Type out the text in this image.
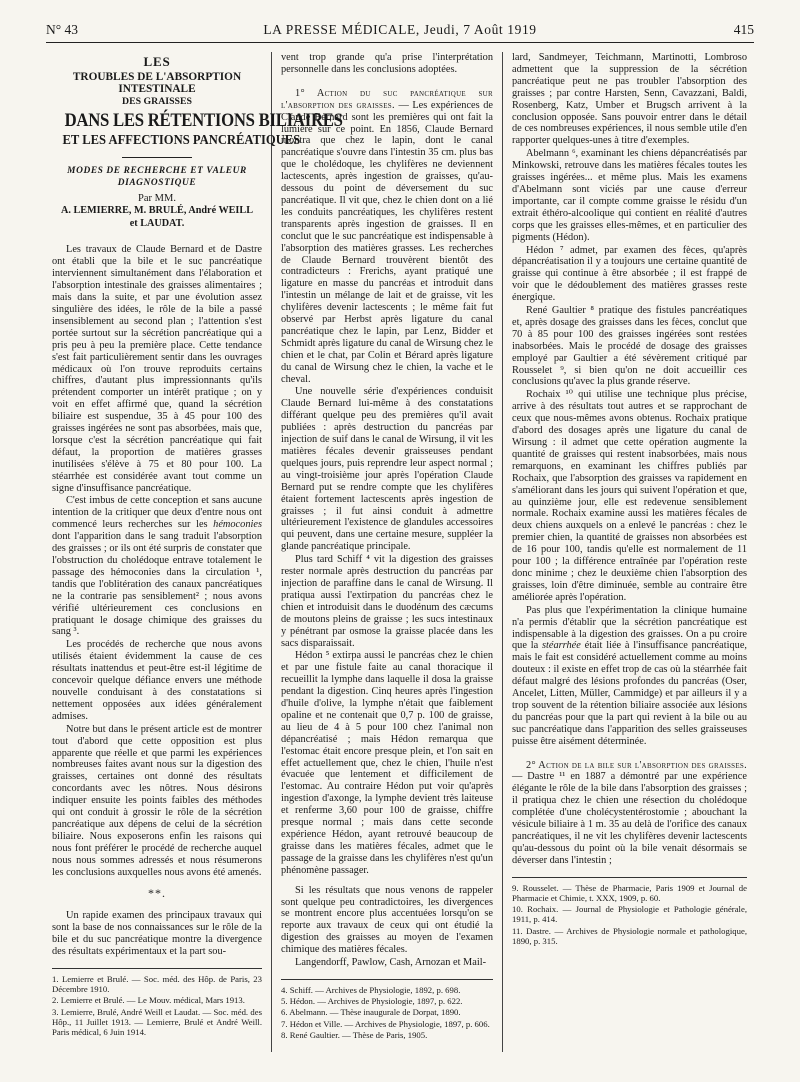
N° 43	LA PRESSE MÉDICALE, Jeudi, 7 Août 1919	415
LES
TROUBLES DE L'ABSORPTION INTESTINALE
DES GRAISSES
DANS LES RÉTENTIONS BILIAIRES
ET LES AFFECTIONS PANCRÉATIQUES
MODES DE RECHERCHE ET VALEUR DIAGNOSTIQUE
Par MM.
A. LEMIERRE, M. BRULÉ, André WEILL
et LAUDAT.

Les travaux de Claude Bernard et de Dastre ont établi que la bile et le suc pancréatique interviennent simultanément dans l'élaboration et l'absorption intestinale des graisses alimentaires ; mais dans la suite, et par une évolution assez singulière des idées, le rôle de la bile a passé insensiblement au second plan ; l'attention s'est portée surtout sur la sécrétion pancréatique qui a pris peu à peu la première place. Cette tendance s'est fait particulièrement sentir dans les ouvrages médicaux où l'on trouve reproduits certains chiffres, d'autant plus impressionnants qu'ils prétendent comporter un intérêt pratique ; on y voit en effet affirmé que, quand la sécrétion biliaire est suspendue, 35 à 45 pour 100 des graisses ingérées ne sont pas absorbées, mais que, lorsque c'est la sécrétion pancréatique qui fait défaut, la proportion de matières grasses inutilisées s'élève à 75 et 80 pour 100. La stéarrhée est considérée avant tout comme un signe d'insuffisance pancréatique.

C'est imbus de cette conception et sans aucune intention de la critiquer que deux d'entre nous ont commencé leurs recherches sur les hémoconies dont l'apparition dans le sang traduit l'absorption des graisses ; or ils ont été surpris de constater que l'obstruction du cholédoque entrave totalement le passage des hémoconies dans la circulation ¹, tandis que l'oblitération des canaux pancréatiques ne la contrarie pas sensiblement² ; nous avons vérifié ultérieurement ces conclusions en pratiquant le dosage chimique des graisses du sang ³.

Les procédés de recherche que nous avons utilisés étaient évidemment la cause de ces résultats inattendus et peut-être est-il légitime de concevoir quelque défiance envers une méthode nouvelle conduisant à des constatations si nettement opposées aux idées généralement admises.

Notre but dans le présent article est de montrer tout d'abord que cette opposition est plus apparente que réelle et que parmi les expériences nombreuses faites avant nous sur la digestion des graisses, certaines ont donné des résultats concordants avec les nôtres. Nous désirons indiquer ensuite les points faibles des méthodes qui ont conduit à grossir le rôle de la sécrétion pancréatique aux dépens de celui de la sécrétion biliaire. Nous exposerons enfin les raisons qui nous font préférer le procédé de recherche auquel nous nous sommes adressés et nous résumerons les conclusions auxquelles nous avons été amenés.

**.

Un rapide examen des principaux travaux qui sont la base de nos connaissances sur le rôle de la bile et du suc pancréatique montre la divergence des résultats expérimentaux et la part sou-

1. Lemierre et Brulé. — Soc. méd. des Hôp. de Paris, 23 Décembre 1910.

2. Lemierre et Brulé. — Le Mouv. médical, Mars 1913.

3. Lemierre, Brulé, André Weill et Laudat. — Soc. méd. des Hôp., 11 Juillet 1913. — Lemierre, Brulé et André Weill. Paris médical, 6 Juin 1914.

vent trop grande qu'a prise l'interprétation personnelle dans les conclusions adoptées.

1° Action du suc pancréatique sur l'absorption des graisses. — Les expériences de Claude Bernard sont les premières qui ont fait la lumière sur ce point. En 1856, Claude Bernard montra que chez le lapin, dont le canal pancréatique s'ouvre dans l'intestin 35 cm. plus bas que le cholédoque, les chylifères ne deviennent lactescents, après ingestion de graisses, qu'au-dessous du point de déversement du suc pancréatique. Il vit que, chez le chien dont on a lié les conduits pancréatiques, les chylifères restent transparents après ingestion de graisses. Il en conclut que le suc pancréatique est indispensable à l'absorption des matières grasses. Les recherches de Claude Bernard trouvèrent bientôt des contradicteurs : Frerichs, ayant pratiqué une ligature en masse du pancréas et introduit dans l'intestin un mélange de lait et de graisse, vit les chylifères devenir lactescents ; le même fait fut observé par Herbst après ligature du canal pancréatique chez le lapin, par Lenz, Bidder et Schmidt après ligature du canal de Wirsung chez le chien et le chat, par Colin et Bérard après ligature du canal de Wirsung chez le chien, la vache et le cheval.

Une nouvelle série d'expériences conduisit Claude Bernard lui-même à des constatations différant quelque peu des premières qu'il avait publiées : après destruction du pancréas par injection de suif dans le canal de Wirsung, il vit les matières fécales devenir graisseuses pendant quelques jours, puis reprendre leur aspect normal ; au vingt-troisième jour après l'opération Claude Bernard put se rendre compte que les chylifères étaient fortement lactescents après ingestion de graisses ; il fut ainsi conduit à admettre ultérieurement l'existence de glandules accessoires qui peuvent, dans une certaine mesure, suppléer la glande pancréatique principale.

Plus tard Schiff ⁴ vit la digestion des graisses rester normale après destruction du pancréas par injection de paraffine dans le canal de Wirsung. Il pratiqua aussi l'extirpation du pancréas chez le chien et introduisit dans le duodénum des cæcums de moutons pleins de graisse ; les sucs intestinaux y pénétrant par osmose la graisse placée dans les sacs disparaissait.

Hédon ⁵ extirpa aussi le pancréas chez le chien et par une fistule faite au canal thoracique il recueillit la lymphe dans laquelle il dosa la graisse pendant la digestion. Cinq heures après l'ingestion d'huile d'olive, la lymphe n'était que faiblement opaline et ne contenait que 0,7 p. 100 de graisse, au lieu de 4 à 5 pour 100 chez l'animal non dépancréatisé ; mais Hédon remarqua que l'estomac était encore presque plein, et l'on sait en effet actuellement que, chez le chien, l'huile n'est évacuée que lentement et difficilement de l'estomac. Au contraire Hédon put voir qu'après ingestion d'axonge, la lymphe devient très laiteuse et renferme 3,60 pour 100 de graisse, chiffre presque normal ; mais dans cette seconde expérience Hédon, ayant retrouvé beaucoup de graisse dans les matières fécales, admet que le passage de la graisse dans les chylifères n'est qu'un phénomène passager.

Si les résultats que nous venons de rappeler sont quelque peu contradictoires, les divergences se montrent encore plus accentuées lorsqu'on se reporte aux travaux de ceux qui ont étudié la digestion des graisses au moyen de l'examen chimique des matières fécales.

Langendorff, Pawlow, Cash, Arnozan et Mail-

4. Schiff. — Archives de Physiologie, 1892, p. 698.

5. Hédon. — Archives de Physiologie, 1897, p. 622.

6. Abelmann. — Thèse inaugurale de Dorpat, 1890.

7. Hédon et Ville. — Archives de Physiologie, 1897, p. 606.

8. René Gaultier. — Thèse de Paris, 1905.

lard, Sandmeyer, Teichmann, Martinotti, Lombroso admettent que la suppression de la sécrétion pancréatique peut ne pas troubler l'absorption des graisses ; par contre Harsten, Senn, Cavazzani, Baldi, Rosenberg, Katz, Umber et Brugsch arrivent à la conclusion opposée. Sans pouvoir entrer dans le détail de ces nombreuses expériences, il nous semble utile d'en rapporter quelques-unes à titre d'exemples.

Abelmann ⁶, examinant les chiens dépancréatisés par Minkowski, retrouve dans les matières fécales toutes les graisses ingérées... et même plus. Mais les examens d'Abelmann sont viciés par une cause d'erreur importante, car il compte comme graisse le résidu d'un extrait éthéro-alcoolique qui contient en réalité d'autres corps que les graisses elles-mêmes, et en particulier des pigments (Hédon).

Hédon ⁷ admet, par examen des fèces, qu'après dépancréatisation il y a toujours une certaine quantité de graisse qui continue à être absorbée ; il est frappé de voir que le dédoublement des matières grasses reste énergique.

René Gaultier ⁸ pratique des fistules pancréatiques et, après dosage des graisses dans les fèces, conclut que 70 à 85 pour 100 des graisses ingérées sont restées inabsorbées. Mais le procédé de dosage des graisses employé par Gaultier a été sévèrement critiqué par Rousselet ⁹, si bien qu'on ne doit accueillir ces conclusions qu'avec la plus grande réserve.

Rochaix ¹⁰ qui utilise une technique plus précise, arrive à des résultats tout autres et se rapprochant de ceux que nous-mêmes avons obtenus. Rochaix pratique d'abord des dosages après une ligature du canal de Wirsung : il admet que cette opération augmente la quantité de graisses qui restent inabsorbées, mais nous remarquons, en examinant les chiffres publiés par Rochaix, que l'absorption des graisses va rapidement en s'améliorant dans les jours qui suivent l'opération et que, au quinzième jour, elle est redevenue sensiblement normale. Rochaix examine aussi les matières fécales de deux chiens auxquels on a enlevé le pancréas : chez le premier chien, la quantité de graisses non absorbées est de 16 pour 100, tandis qu'elle est normalement de 11 pour 100 ; la différence entraînée par l'opération reste donc minime ; chez le deuxième chien l'absorption des graisses, loin d'être diminuée, semble au contraire être améliorée après l'opération.

Pas plus que l'expérimentation la clinique humaine n'a permis d'établir que la sécrétion pancréatique est indispensable à la digestion des graisses. On a pu croire que la stéarrhée était liée à l'insuffisance pancréatique, mais le fait est considéré actuellement comme au moins douteux : il existe en effet trop de cas où la stéarrhée fait défaut malgré des lésions profondes du pancréas (Oser, Ancelet, Litten, Müller, Cammidge) et par ailleurs il y a trop souvent de la rétention biliaire associée aux lésions du pancréas pour que la part qui revient à la bile ou au suc pancréatique dans l'apparition des selles graisseuses puisse être aisément déterminée.

2° Action de la bile sur l'absorption des graisses. — Dastre ¹¹ en 1887 a démontré par une expérience élégante le rôle de la bile dans l'absorption des graisses ; il pratiqua chez le chien une résection du cholédoque complétée d'une cholécystentérostomie ; abouchant la vésicule biliaire à 1 m. 35 au delà de l'orifice des canaux pancréatiques, il ne vit les chylifères devenir lactescents qu'au-dessous du point où la bile venait désormais se déverser dans l'intestin ;

9. Rousselet. — Thèse de Pharmacie, Paris 1909 et Journal de Pharmacie et Chimie, t. XXX, 1909, p. 60.

10. Rochaix. — Journal de Physiologie et Pathologie générale, 1911, p. 414.

11. Dastre. — Archives de Physiologie normale et pathologique, 1890, p. 315.
